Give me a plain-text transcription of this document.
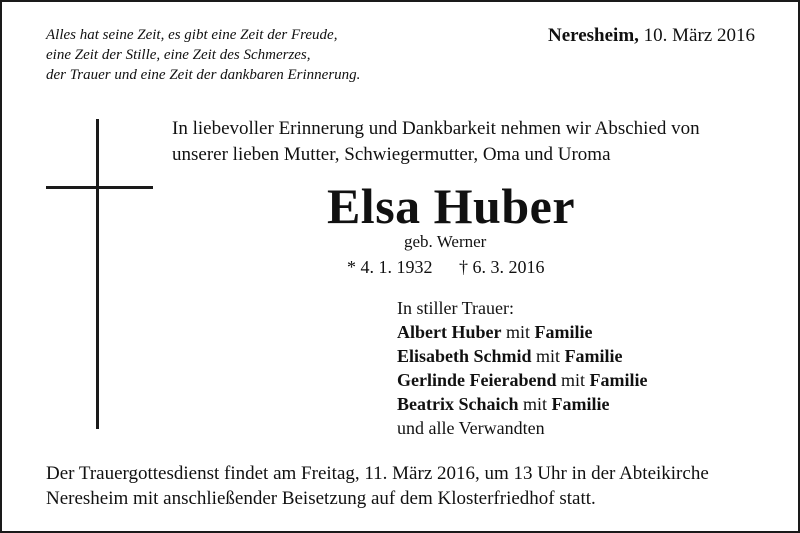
Alles hat seine Zeit, es gibt eine Zeit der Freude,
eine Zeit der Stille, eine Zeit des Schmerzes,
der Trauer und eine Zeit der dankbaren Erinnerung.
Neresheim, 10. März 2016
In liebevoller Erinnerung und Dankbarkeit nehmen wir Abschied von
unserer lieben Mutter, Schwiegermutter, Oma und Uroma
Elsa Huber
geb. Werner
* 4. 1. 1932 † 6. 3. 2016
In stiller Trauer:
Albert Huber mit Familie
Elisabeth Schmid mit Familie
Gerlinde Feierabend mit Familie
Beatrix Schaich mit Familie
und alle Verwandten
Der Trauergottesdienst findet am Freitag, 11. März 2016, um 13 Uhr in der Abteikirche
Neresheim mit anschließender Beisetzung auf dem Klosterfriedhof statt.
